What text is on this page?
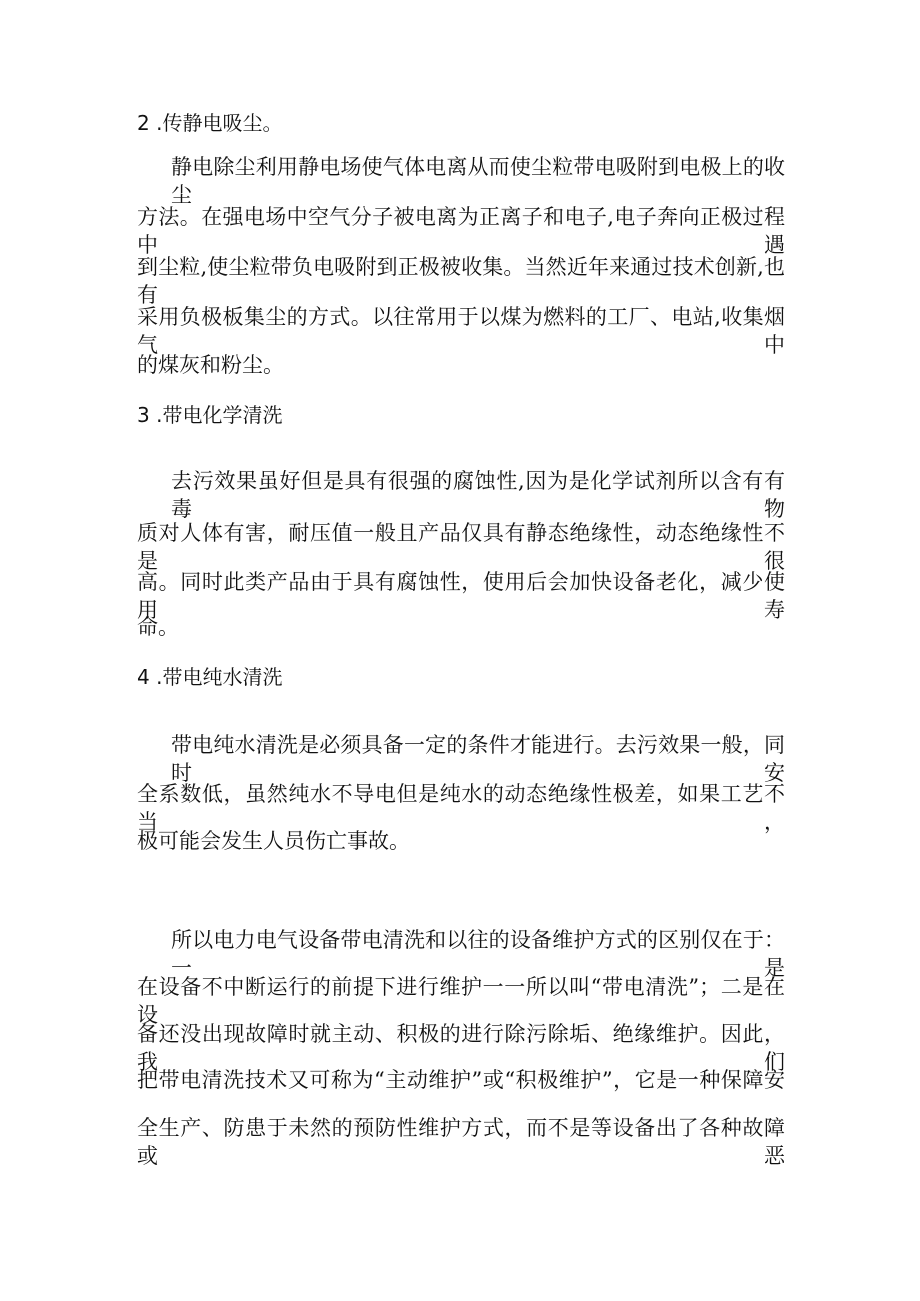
2 .传静电吸尘。
静电除尘利用静电场使气体电离从而使尘粒带电吸附到电极上的收尘
方法。在强电场中空气分子被电离为正离子和电子,电子奔向正极过程中遇
到尘粒,使尘粒带负电吸附到正极被收集。当然近年来通过技术创新,也有
采用负极板集尘的方式。以往常用于以煤为燃料的工厂、电站,收集烟气中
的煤灰和粉尘。
3 .带电化学清洗
去污效果虽好但是具有很强的腐蚀性,因为是化学试剂所以含有有毒物
质对人体有害，耐压值一般且产品仅具有静态绝缘性，动态绝缘性不是很
高。同时此类产品由于具有腐蚀性，使用后会加快设备老化，减少使用寿
命。
4 .带电纯水清洗
带电纯水清洗是必须具备一定的条件才能进行。去污效果一般，同时安
全系数低，虽然纯水不导电但是纯水的动态绝缘性极差，如果工艺不当，
极可能会发生人员伤亡事故。
所以电力电气设备带电清洗和以往的设备维护方式的区别仅在于：一是
在设备不中断运行的前提下进行维护一一所以叫“带电清洗”；二是在设
备还没出现故障时就主动、积极的进行除污除垢、绝缘维护。因此，我们
把带电清洗技术又可称为“主动维护”或“积极维护”，它是一种保障安
全生产、防患于未然的预防性维护方式，而不是等设备出了各种故障或恶
